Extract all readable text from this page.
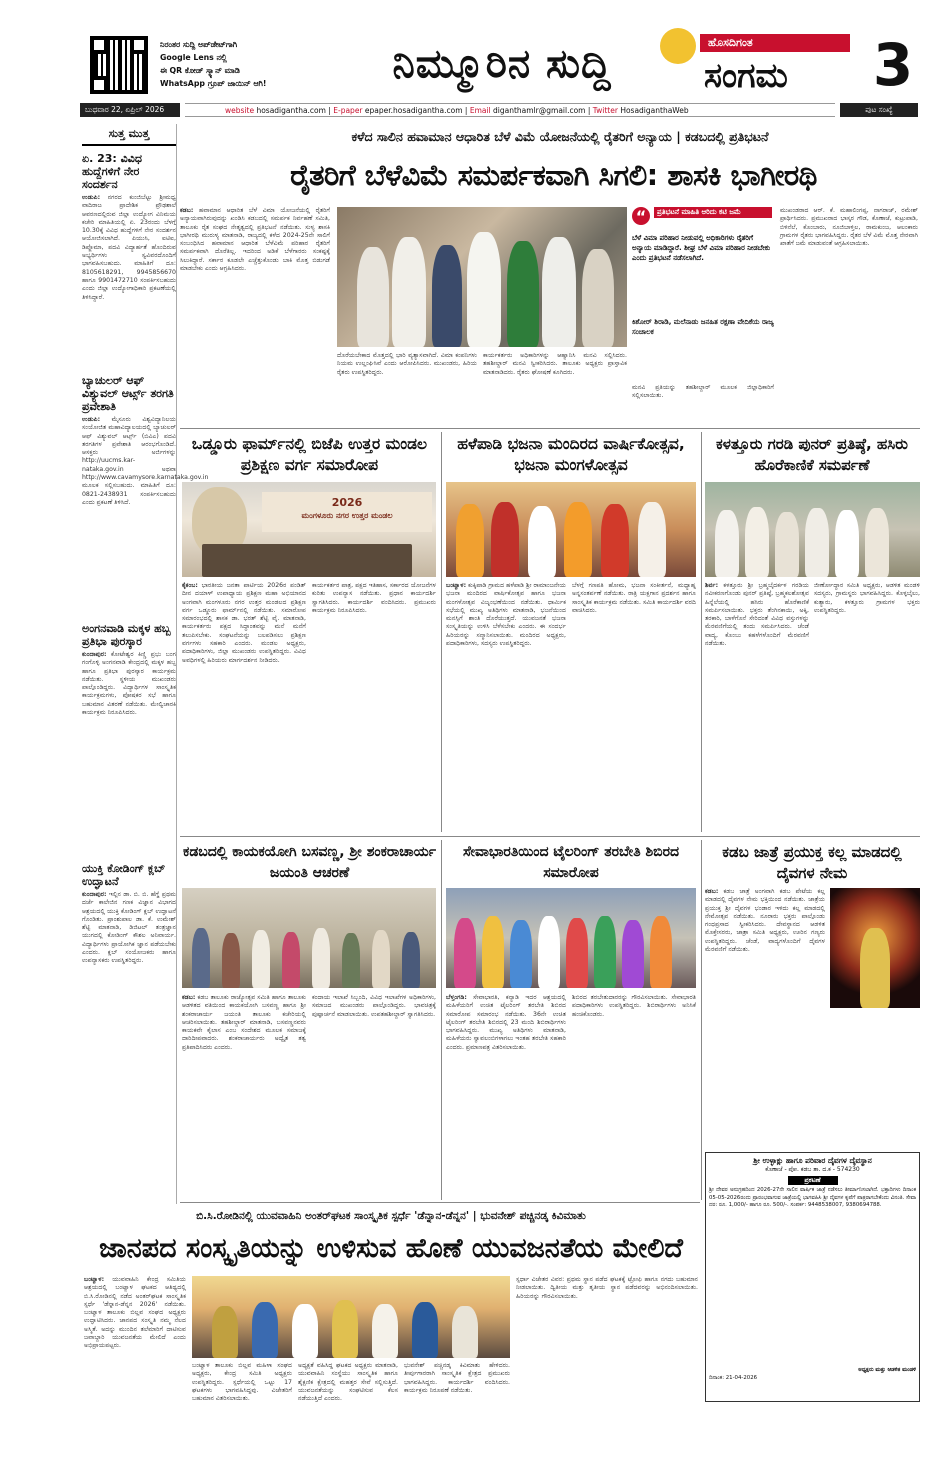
ನಿರಂತರ ಸುದ್ದಿ ಅಪ್‌ಡೇಟ್‌ಗಾಗಿ
Google Lens ನಲ್ಲಿ
ಈ QR ಕೋಡ್ ಸ್ಕ್ಯಾನ್ ಮಾಡಿ
WhatsApp ಗ್ರೂಪ್ ಜಾಯಿನ್ ಆಗಿ!	ನಿಮ್ಮೂರಿನ ಸುದ್ದಿ	ಹೊಸದಿಗಂತ
ಸಂಗಮ	3
ಬುಧವಾರ 22, ಏಪ್ರಿಲ್ 2026	website hosadigantha.com | E-paper epaper.hosadigantha.com | Email diganthamlr@gmail.com | Twitter HosadiganthaWeb	ಪುಟ ಸಂಖ್ಯೆ
ಸುತ್ತ ಮುತ್ತ
ಏ. 23: ವಿವಿಧ ಹುದ್ದೆಗಳಿಗೆ ನೇರ ಸಂದರ್ಶನ
ಉಡುಪಿ: ನಗರದ ಕುಂಜಿಬೆಟ್ಟು ಶ್ರೀಮಧ್ವ ವಾದಿರಾಜ ಪ್ರಾದೇಶಿಕ ಪ್ರೌಢಶಾಲೆ ಆವರಣದಲ್ಲಿರುವ ಜಿಲ್ಲಾ ಉದ್ಯೋಗ ವಿನಿಮಯ ಕಚೇರಿ ಮಾಹಿತಿಯಲ್ಲಿ ಏ. 23ರಂದು ಬೆಳಗ್ಗೆ 10.30ಕ್ಕೆ ವಿವಿಧ ಹುದ್ದೆಗಳಿಗೆ ನೇರ ಸಂದರ್ಶನ ಆಯೋಜಿಸಲಾಗಿದೆ. ಪಿಯುಸಿ, ಐಟಿಐ, ಡಿಪ್ಲೊಮಾ, ಪದವಿ ವಿದ್ಯಾರ್ಹತೆ ಹೊಂದಿರುವ ಅಭ್ಯರ್ಥಿಗಳು ಸ್ವವಿವರದೊಂದಿಗೆ ಭಾಗವಹಿಸಬಹುದು. ಮಾಹಿತಿಗೆ ದೂ: 8105618291, 9945856670 ಹಾಗೂ 9901472710 ಸಂಪರ್ಕಿಸಬಹುದು ಎಂದು ಜಿಲ್ಲಾ ಉದ್ಯೋಗಾಧಿಕಾರಿ ಪ್ರಕಟಣೆಯಲ್ಲಿ ತಿಳಿಸಿದ್ದಾರೆ.
ಬ್ಯಾಚುಲರ್ ಆಫ್ ವಿಶ್ಯುವಲ್ ಆರ್ಟ್ಸ್ ತರಗತಿ ಪ್ರವೇಶಾತಿ
ಉಡುಪಿ: ಮೈಸೂರು ವಿಶ್ವವಿದ್ಯಾನಿಲಯ ಸಂಯೋಜಿತ ಮಹಾವಿದ್ಯಾಲಯದಲ್ಲಿ ಬ್ಯಾಚುಲರ್ ಆಫ್ ವಿಶ್ಯುವಲ್ ಆರ್ಟ್ಸ್ (ಬಿವಿಎ) ಪದವಿ ತರಗತಿಗಳ ಪ್ರವೇಶಾತಿ ಆರಂಭಗೊಂಡಿದೆ. ಆಸಕ್ತರು ಅರ್ಜಿಗಳನ್ನು http://uucms.kar-nataka.gov.in ಅಥವಾ http://www.cavamysore.karnataka.gov.in ಮೂಲಕ ಸಲ್ಲಿಸಬಹುದು. ಮಾಹಿತಿಗೆ ದೂ: 0821-2438931 ಸಂಪರ್ಕಿಸಬಹುದು ಎಂದು ಪ್ರಕಟಣೆ ತಿಳಿಸಿದೆ.
ಅಂಗನವಾಡಿ ಮಕ್ಕಳ ಹಬ್ಬ ಪ್ರತಿಭಾ ಪುರಸ್ಕಾರ
ಕುಂದಾಪುರ: ಕೋಟೇಶ್ವರ ಕಿಣ್ಣಿ ಪ್ರಭು ಬಂಗ ಗಂಗೊಳ್ಳಿ ಅಂಗನವಾಡಿ ಕೇಂದ್ರದಲ್ಲಿ ಮಕ್ಕಳ ಹಬ್ಬ ಹಾಗೂ ಪ್ರತಿಭಾ ಪುರಸ್ಕಾರ ಕಾರ್ಯಕ್ರಮ ನಡೆಯಿತು. ಸ್ಥಳೀಯ ಮುಖಂಡರು ಪಾಲ್ಗೊಂಡಿದ್ದರು. ವಿದ್ಯಾರ್ಥಿಗಳ ಸಾಂಸ್ಕೃತಿಕ ಕಾರ್ಯಕ್ರಮಗಳು, ಪೋಷಕರ ಸಭೆ ಹಾಗೂ ಬಹುಮಾನ ವಿತರಣೆ ನಡೆಯಿತು. ಮೇಲ್ವಿಚಾರಕಿ ಕಾರ್ಯಕ್ರಮ ನಿರೂಪಿಸಿದರು.
ಯುಕ್ತಿ ಕೋಡಿಂಗ್ ಕ್ಲಬ್ ಉದ್ಘಾಟನೆ
ಕುಂದಾಪುರ: ಇಲ್ಲಿನ ಡಾ. ಬಿ. ಬಿ. ಹೆಗ್ಡೆ ಪ್ರಥಮ ದರ್ಜೆ ಕಾಲೇಜಿನ ಗಣಕ ವಿಜ್ಞಾನ ವಿಭಾಗದ ಆಶ್ರಯದಲ್ಲಿ ಯುಕ್ತಿ ಕೋಡಿಂಗ್ ಕ್ಲಬ್ ಉದ್ಘಾಟನೆ ಗೊಂಡಿತು. ಪ್ರಾಂಶುಪಾಲ ಡಾ. ಕೆ. ಉಮೇಶ್ ಶೆಟ್ಟಿ ಮಾತನಾಡಿ, ಡಿಜಿಟಲ್ ತಂತ್ರಜ್ಞಾನ ಯುಗದಲ್ಲಿ ಕೋಡಿಂಗ್ ಕೌಶಲ ಅನಿವಾರ್ಯ. ವಿದ್ಯಾರ್ಥಿಗಳು ಪ್ರಾಯೋಗಿಕ ಜ್ಞಾನ ಪಡೆಯಬೇಕು ಎಂದರು. ಕ್ಲಬ್ ಸಂಯೋಜಕರು ಹಾಗೂ ಉಪನ್ಯಾಸಕರು ಉಪಸ್ಥಿತರಿದ್ದರು.
ಕಳೆದ ಸಾಲಿನ ಹವಾಮಾನ ಆಧಾರಿತ ಬೆಳೆ ವಿಮೆ ಯೋಜನೆಯಲ್ಲಿ ರೈತರಿಗೆ ಅನ್ಯಾಯ | ಕಡಬದಲ್ಲಿ ಪ್ರತಿಭಟನೆ
ರೈತರಿಗೆ ಬೆಳೆವಿಮೆ ಸಮರ್ಪಕವಾಗಿ ಸಿಗಲಿ: ಶಾಸಕಿ ಭಾಗೀರಥಿ
ಕಡಬ: ಹವಾಮಾನ ಆಧಾರಿತ ಬೆಳೆ ವಿಮಾ ಯೋಜನೆಯಲ್ಲಿ ರೈತರಿಗೆ ಅನ್ಯಾಯವಾಗಿರುವುದನ್ನು ಖಂಡಿಸಿ ಕಡಬದಲ್ಲಿ ಸಮರ್ಪಕ ನಿರ್ವಹಣೆ ಸಮಿತಿ, ತಾಲೂಕು ರೈತ ಸಂಘದ ನೇತೃತ್ವದಲ್ಲಿ ಪ್ರತಿಭಟನೆ ನಡೆಯಿತು. ಸುಳ್ಯ ಶಾಸಕಿ ಭಾಗೀರಥಿ ಮುರುಳ್ಯ ಮಾತನಾಡಿ, ರಾಜ್ಯದಲ್ಲಿ ಕಳೆದ 2024-25ನೇ ಸಾಲಿಗೆ ಸಂಬಂಧಿಸಿದ ಹವಾಮಾನ ಆಧಾರಿತ ಬೆಳೆವಿಮೆ ಪರಿಹಾರ ರೈತರಿಗೆ ಸಮರ್ಪಕವಾಗಿ ದೊರೆತಿಲ್ಲ. ಇದರಿಂದ ಅಡಿಕೆ ಬೆಳೆಗಾರರು ಸಂಕಷ್ಟಕ್ಕೆ ಸಿಲುಕಿದ್ದಾರೆ. ಸರ್ಕಾರ ಕೂಡಲೇ ಎಚ್ಚೆತ್ತುಕೊಂಡು ಬಾಕಿ ಮೊತ್ತ ಬಿಡುಗಡೆ ಮಾಡಬೇಕು ಎಂದು ಆಗ್ರಹಿಸಿದರು.
ದೊರೆಯಬೇಕಾದ ಮೊತ್ತದಲ್ಲಿ ಭಾರಿ ವ್ಯತ್ಯಾಸವಾಗಿದೆ. ವಿಮಾ ಕಂಪನಿಗಳು ನಿಯಮ ಉಲ್ಲಂಘಿಸಿವೆ ಎಂದು ಆರೋಪಿಸಿದರು. ಮುಖಂಡರು, ಹಿರಿಯ ರೈತರು ಉಪಸ್ಥಿತರಿದ್ದರು.
ಕಾರ್ಯಕರ್ತರು ಅಧಿಕಾರಿಗಳನ್ನು ಆಹ್ವಾನಿಸಿ ಮನವಿ ಸಲ್ಲಿಸಿದರು. ತಹಶೀಲ್ದಾರ್ ಮನವಿ ಸ್ವೀಕರಿಸಿದರು. ತಾಲೂಕು ಅಧ್ಯಕ್ಷರು ಪ್ರಾಸ್ತಾವಿಕ ಮಾತನಾಡಿದರು. ರೈತರು ಘೋಷಣೆ ಕೂಗಿದರು.
“	ಪ್ರತಿಭಟನೆ ಮಾಹಿತಿ ಆರಿದು ಕಟಿ ಜಮೆ
ಬೆಳೆ ವಿಮಾ ಪರಿಹಾರ ನೀಡುವಲ್ಲಿ ಅಧಿಕಾರಿಗಳು ರೈತರಿಗೆ ಅನ್ಯಾಯ ಮಾಡಿದ್ದಾರೆ. ಶೀಘ್ರ ಬೆಳೆ ವಿಮಾ ಪರಿಹಾರ ನೀಡಬೇಕು ಎಂದು ಪ್ರತಿಭಟನೆ ನಡೆಸಲಾಗಿದೆ.
ಕಿಶೋರ್ ಶಿರಾಡಿ, ಮಲೆನಾಡು ಜನಹಿತ ರಕ್ಷಣಾ ವೇದಿಕೆಯ ರಾಜ್ಯ ಸಂಚಾಲಕ
ಮನವಿ ಪ್ರತಿಯನ್ನು ತಹಶೀಲ್ದಾರ್ ಮೂಲಕ ಜಿಲ್ಲಾಧಿಕಾರಿಗೆ ಸಲ್ಲಿಸಲಾಯಿತು.
ಮುಖಂಡರಾದ ಆರ್. ಕೆ. ಮಹಾಲಿಂಗಪ್ಪ, ನಾಗರಾಜ್, ರಮೇಶ್ ಪ್ರಾರ್ಥಿಸಿದರು. ಪ್ರಮುಖರಾದ ಭಾಸ್ಕರ ಗೌಡ, ಕೊಣಾಜೆ, ಕುಟ್ರುಪಾಡಿ, ಬಿಳಿನೆಲೆ, ಕೊಂಬಾರು, ನೂಜಿಬಾಳ್ತಿಲ, ರಾಮಕುಂಜ, ಆಲಂಕಾರು ಗ್ರಾಮಗಳ ರೈತರು ಭಾಗವಹಿಸಿದ್ದರು. ರೈತರ ಬೆಳೆ ವಿಮೆ ಮೊತ್ತ ನೇರವಾಗಿ ಖಾತೆಗೆ ಜಮೆ ಮಾಡುವಂತೆ ಆಗ್ರಹಿಸಲಾಯಿತು.
ಒಡ್ಡೂರು ಫಾರ್ಮ್‌ನಲ್ಲಿ ಬಿಜೆಪಿ ಉತ್ತರ ಮಂಡಲ ಪ್ರಶಿಕ್ಷಣ ವರ್ಗ ಸಮಾರೋಪ
2026
ಮಂಗಳೂರು ನಗರ ಉತ್ತರ ಮಂಡಲ
ಕೈಕಂಬ: ಭಾರತೀಯ ಜನತಾ ಪಾರ್ಟಿಯ 2026ರ ಪಂಡಿತ್ ದೀನ ದಯಾಳ್ ಉಪಾಧ್ಯಾಯ ಪ್ರಶಿಕ್ಷಣ ಮಹಾ ಅಭಿಯಾನದ ಅಂಗವಾಗಿ ಮಂಗಳೂರು ನಗರ ಉತ್ತರ ಮಂಡಲದ ಪ್ರಶಿಕ್ಷಣ ವರ್ಗ ಒಡ್ಡೂರು ಫಾರ್ಮ್‌ನಲ್ಲಿ ನಡೆಯಿತು. ಸಮಾರೋಪ ಸಮಾರಂಭದಲ್ಲಿ ಶಾಸಕ ಡಾ. ಭರತ್ ಶೆಟ್ಟಿ ವೈ. ಮಾತನಾಡಿ, ಕಾರ್ಯಕರ್ತರು ಪಕ್ಷದ ಸಿದ್ಧಾಂತವನ್ನು ಮನೆ ಮನೆಗೆ ತಲುಪಿಸಬೇಕು. ಸಂಘಟನೆಯನ್ನು ಬಲಪಡಿಸಲು ಪ್ರಶಿಕ್ಷಣ ವರ್ಗಗಳು ಸಹಕಾರಿ ಎಂದರು. ಮಂಡಲ ಅಧ್ಯಕ್ಷರು, ಪದಾಧಿಕಾರಿಗಳು, ಜಿಲ್ಲಾ ಮುಖಂಡರು ಉಪಸ್ಥಿತರಿದ್ದರು. ವಿವಿಧ ಅವಧಿಗಳಲ್ಲಿ ಹಿರಿಯರು ಮಾರ್ಗದರ್ಶನ ನೀಡಿದರು.
ಕಾರ್ಯಕರ್ತರ ಪಾತ್ರ, ಪಕ್ಷದ ಇತಿಹಾಸ, ಸರ್ಕಾರದ ಯೋಜನೆಗಳ ಕುರಿತು ಉಪನ್ಯಾಸ ನಡೆಯಿತು. ಪ್ರಧಾನ ಕಾರ್ಯದರ್ಶಿ ಸ್ವಾಗತಿಸಿದರು. ಕಾರ್ಯದರ್ಶಿ ವಂದಿಸಿದರು. ಪ್ರಮುಖರು ಕಾರ್ಯಕ್ರಮ ನಿರೂಪಿಸಿದರು.
ಹಳೆಪಾಡಿ ಭಜನಾ ಮಂದಿರದ ವಾರ್ಷಿಕೋತ್ಸವ, ಭಜನಾ ಮಂಗಳೋತ್ಸವ
ಬಂಟ್ವಾಳ: ಕುಕ್ಕಿಪಾಡಿ ಗ್ರಾಮದ ಹಳೆಪಾಡಿ ಶ್ರೀ ರಾಮಾಂಜನೇಯ ಭಜನಾ ಮಂದಿರದ ವಾರ್ಷಿಕೋತ್ಸವ ಹಾಗೂ ಭಜನಾ ಮಂಗಳೋತ್ಸವ ವಿಜೃಂಭಣೆಯಿಂದ ನಡೆಯಿತು. ಧಾರ್ಮಿಕ ಸಭೆಯಲ್ಲಿ ಮುಖ್ಯ ಅತಿಥಿಗಳು ಮಾತನಾಡಿ, ಭಜನೆಯಿಂದ ಮನಸ್ಸಿಗೆ ಶಾಂತಿ ದೊರೆಯುತ್ತದೆ. ಯುವಜನತೆ ಭಜನಾ ಸಂಸ್ಕೃತಿಯನ್ನು ಉಳಿಸಿ ಬೆಳೆಸಬೇಕು ಎಂದರು. ಈ ಸಂದರ್ಭ ಹಿರಿಯರನ್ನು ಸನ್ಮಾನಿಸಲಾಯಿತು. ಮಂದಿರದ ಅಧ್ಯಕ್ಷರು, ಪದಾಧಿಕಾರಿಗಳು, ಸದಸ್ಯರು ಉಪಸ್ಥಿತರಿದ್ದರು.
ಬೆಳಗ್ಗೆ ಗಣಪತಿ ಹೋಮ, ಭಜನಾ ಸಂಕೀರ್ತನೆ, ಮಧ್ಯಾಹ್ನ ಅನ್ನಸಂತರ್ಪಣೆ ನಡೆಯಿತು. ರಾತ್ರಿ ಯಕ್ಷಗಾನ ಪ್ರದರ್ಶನ ಹಾಗೂ ಸಾಂಸ್ಕೃತಿಕ ಕಾರ್ಯಕ್ರಮ ನಡೆಯಿತು. ಸಮಿತಿ ಕಾರ್ಯದರ್ಶಿ ವರದಿ ವಾಚಿಸಿದರು.
ಕಳತ್ತೂರು ಗರಡಿ ಪುನರ್ ಪ್ರತಿಷ್ಠೆ, ಹಸಿರು ಹೊರೆಕಾಣಿಕೆ ಸಮರ್ಪಣೆ
ಶಿರ್ವ: ಕಳತ್ತೂರು ಶ್ರೀ ಬ್ರಹ್ಮಬೈದರ್ಕಳ ಗರಡಿಯ ನವೀಕರಣಗೊಂಡು ಪುನರ್ ಪ್ರತಿಷ್ಠೆ, ಬ್ರಹ್ಮಕಲಶೋತ್ಸವ ಹಿನ್ನೆಲೆಯಲ್ಲಿ ಹಸಿರು ಹೊರೆಕಾಣಿಕೆ ಸಮರ್ಪಿಸಲಾಯಿತು. ಭಕ್ತರು ತೆಂಗಿನಕಾಯಿ, ಅಕ್ಕಿ, ತರಕಾರಿ, ಬಾಳೆಗೊನೆ ಸೇರಿದಂತೆ ವಿವಿಧ ವಸ್ತುಗಳನ್ನು ಮೆರವಣಿಗೆಯಲ್ಲಿ ತಂದು ಸಮರ್ಪಿಸಿದರು. ಚೆಂಡೆ ವಾದ್ಯ, ಕೊಂಬು ಕಹಳೆಗಳೊಂದಿಗೆ ಮೆರವಣಿಗೆ ನಡೆಯಿತು.
ಜೀರ್ಣೋದ್ಧಾರ ಸಮಿತಿ ಅಧ್ಯಕ್ಷರು, ಆಡಳಿತ ಮಂಡಳಿ ಸದಸ್ಯರು, ಗ್ರಾಮಸ್ಥರು ಭಾಗವಹಿಸಿದ್ದರು. ಕೊಳ್ಳಬೈಲು, ಕುತ್ಯಾರು, ಕಳತ್ತೂರು ಗ್ರಾಮಗಳ ಭಕ್ತರು ಉಪಸ್ಥಿತರಿದ್ದರು.
ಕಡಬದಲ್ಲಿ ಕಾಯಕಯೋಗಿ ಬಸವಣ್ಣ, ಶ್ರೀ ಶಂಕರಾಚಾರ್ಯ ಜಯಂತಿ ಆಚರಣೆ
ಕಡಬ: ಕಡಬ ತಾಲೂಕು ರಾಜ್ಯೋತ್ಸವ ಸಮಿತಿ ಹಾಗೂ ತಾಲೂಕು ಆಡಳಿತದ ವತಿಯಿಂದ ಕಾಯಕಯೋಗಿ ಬಸವಣ್ಣ ಹಾಗೂ ಶ್ರೀ ಶಂಕರಾಚಾರ್ಯ ಜಯಂತಿ ತಾಲೂಕು ಕಚೇರಿಯಲ್ಲಿ ಆಚರಿಸಲಾಯಿತು. ತಹಶೀಲ್ದಾರ್ ಮಾತನಾಡಿ, ಬಸವಣ್ಣನವರು ಕಾಯಕವೇ ಕೈಲಾಸ ಎಂಬ ಸಂದೇಶದ ಮೂಲಕ ಸಮಾಜಕ್ಕೆ ದಾರಿದೀಪವಾದರು. ಶಂಕರಾಚಾರ್ಯರು ಅದ್ವೈತ ತತ್ವ ಪ್ರತಿಪಾದಿಸಿದರು ಎಂದರು.
ಕಂದಾಯ ಇಲಾಖೆ ಸಿಬ್ಬಂದಿ, ವಿವಿಧ ಇಲಾಖೆಗಳ ಅಧಿಕಾರಿಗಳು, ಸಮಾಜದ ಮುಖಂಡರು ಪಾಲ್ಗೊಂಡಿದ್ದರು. ಭಾವಚಿತ್ರಕ್ಕೆ ಪುಷ್ಪಾರ್ಚನೆ ಮಾಡಲಾಯಿತು. ಉಪತಹಶೀಲ್ದಾರ್ ಸ್ವಾಗತಿಸಿದರು.
ಸೇವಾಭಾರತಿಯಿಂದ ಟೈಲರಿಂಗ್ ತರಬೇತಿ ಶಿಬಿರದ ಸಮಾರೋಪ
ಬೆಳ್ತಂಗಡಿ: ಸೇವಾಭಾರತಿ, ಕನ್ಯಾಡಿ ಇದರ ಆಶ್ರಯದಲ್ಲಿ ಮಹಿಳೆಯರಿಗೆ ಉಚಿತ ಟೈಲರಿಂಗ್ ತರಬೇತಿ ಶಿಬಿರದ ಸಮಾರೋಪ ಸಮಾರಂಭ ನಡೆಯಿತು. 36ನೇ ಉಚಿತ ಟೈಲರಿಂಗ್ ತರಬೇತಿ ಶಿಬಿರದಲ್ಲಿ 23 ಮಂದಿ ಶಿಬಿರಾರ್ಥಿಗಳು ಭಾಗವಹಿಸಿದ್ದರು. ಮುಖ್ಯ ಅತಿಥಿಗಳು ಮಾತನಾಡಿ, ಮಹಿಳೆಯರು ಸ್ವಾವಲಂಬಿಗಳಾಗಲು ಇಂತಹ ತರಬೇತಿ ಸಹಕಾರಿ ಎಂದರು. ಪ್ರಮಾಣಪತ್ರ ವಿತರಿಸಲಾಯಿತು.
ಶಿಬಿರದ ತರಬೇತುದಾರರನ್ನು ಗೌರವಿಸಲಾಯಿತು. ಸೇವಾಭಾರತಿ ಪದಾಧಿಕಾರಿಗಳು ಉಪಸ್ಥಿತರಿದ್ದರು. ಶಿಬಿರಾರ್ಥಿಗಳು ಅನಿಸಿಕೆ ಹಂಚಿಕೊಂಡರು.
ಕಡಬ ಜಾತ್ರೆ ಪ್ರಯುಕ್ತ ಕಲ್ಲ ಮಾಡದಲ್ಲಿ ದೈವಗಳ ನೇಮ
ಕಡಬ: ಕಡಬ ಜಾತ್ರೆ ಅಂಗವಾಗಿ ಕಡಬ ಪೇಟೆಯ ಕಲ್ಲ ಮಾಡದಲ್ಲಿ ದೈವಗಳ ನೇಮ ಭಕ್ತಿಯಿಂದ ನಡೆಯಿತು. ಜಾತ್ರೆಯ ಪ್ರಯುಕ್ತ ಶ್ರೀ ದೈವಗಳ ಭಂಡಾರ ಇಳಿದು ಕಲ್ಲ ಮಾಡದಲ್ಲಿ ನೇಮೋತ್ಸವ ನಡೆಯಿತು. ನೂರಾರು ಭಕ್ತರು ಪಾಲ್ಗೊಂಡು ಗಂಧಪ್ರಸಾದ ಸ್ವೀಕರಿಸಿದರು. ದೇವಸ್ಥಾನದ ಆಡಳಿತ ಮೊಕ್ತೇಸರರು, ಜಾತ್ರಾ ಸಮಿತಿ ಅಧ್ಯಕ್ಷರು, ಊರಿನ ಗಣ್ಯರು ಉಪಸ್ಥಿತರಿದ್ದರು. ಚೆಂಡೆ, ವಾದ್ಯಗಳೊಂದಿಗೆ ದೈವಗಳ ಮೆರವಣಿಗೆ ನಡೆಯಿತು.
ಶ್ರೀ ಉಳ್ಳಾಕ್ಲು ಹಾಗೂ ಪರಿವಾರ ದೈವಗಳ ದೈವಸ್ಥಾನ
ಕೊಣಾಜೆ - ಪೋ. ಕಡಬ ತಾ. ದ.ಕ - 574230
ಪ್ರಕಟಣೆ
ಶ್ರೀ ದೇವರ ಅನುಗ್ರಹದಿಂದ 2026-27ನೇ ಸಾಲಿನ ವಾರ್ಷಿಕ ಜಾತ್ರೆ ನಡೆಸಲು ತೀರ್ಮಾನಿಸಲಾಗಿದೆ. ಭಕ್ತಾದಿಗಳು ದಿನಾಂಕ 05-05-2026ರಂದು ಪ್ರಾರಂಭವಾಗುವ ಜಾತ್ರೆಯಲ್ಲಿ ಭಾಗವಹಿಸಿ ಶ್ರೀ ದೈವಗಳ ಕೃಪೆಗೆ ಪಾತ್ರರಾಗಬೇಕೆಂದು ವಿನಂತಿ. ಸೇವಾ ದರ: ರೂ. 1,000/- ಹಾಗೂ ರೂ. 500/-. ಸಂಪರ್ಕ: 9448538007, 9380694788.
ಅಧ್ಯಕ್ಷರು ಮತ್ತು ಆಡಳಿತ ಮಂಡಳಿ
ದಿನಾಂಕ: 21-04-2026
ಬಿ.ಸಿ.ರೋಡಿನಲ್ಲಿ ಯುವವಾಹಿನಿ ಅಂತರ್‌ಘಟಕ ಸಾಂಸ್ಕೃತಿಕ ಸ್ಪರ್ಧೆ 'ಡೆನ್ನಾನ-ಡೆನ್ನನ' | ಭುವನೇಶ್ ಪಚ್ಚಿನಡ್ಕ ಕಿವಿಮಾತು
ಜಾನಪದ ಸಂಸ್ಕೃತಿಯನ್ನು ಉಳಿಸುವ ಹೊಣೆ ಯುವಜನತೆಯ ಮೇಲಿದೆ
ಬಂಟ್ವಾಳ: ಯುವವಾಹಿನಿ ಕೇಂದ್ರ ಸಮಿತಿಯ ಆಶ್ರಯದಲ್ಲಿ ಬಂಟ್ವಾಳ ಘಟಕದ ಆತಿಥ್ಯದಲ್ಲಿ ಬಿ.ಸಿ.ರೋಡಿನಲ್ಲಿ ನಡೆದ ಅಂತರ್‌ಘಟಕ ಸಾಂಸ್ಕೃತಿಕ ಸ್ಪರ್ಧೆ 'ಡೆನ್ನಾನ-ಡೆನ್ನನ 2026' ನಡೆಯಿತು. ಬಂಟ್ವಾಳ ತಾಲೂಕು ಬಿಲ್ಲವ ಸಂಘದ ಅಧ್ಯಕ್ಷರು ಉದ್ಘಾಟಿಸಿದರು. ಜಾನಪದ ಸಂಸ್ಕೃತಿ ನಮ್ಮ ನೆಲದ ಅಸ್ಮಿತೆ. ಅದನ್ನು ಮುಂದಿನ ತಲೆಮಾರಿಗೆ ದಾಟಿಸುವ ಜವಾಬ್ದಾರಿ ಯುವಜನತೆಯ ಮೇಲಿದೆ ಎಂದು ಅಭಿಪ್ರಾಯಪಟ್ಟರು.
ಬಂಟ್ವಾಳ ತಾಲೂಕು ಬಿಲ್ಲವ ಮಹಿಳಾ ಸಂಘದ ಅಧ್ಯಕ್ಷರು, ಕೇಂದ್ರ ಸಮಿತಿ ಅಧ್ಯಕ್ಷರು ಉಪಸ್ಥಿತರಿದ್ದರು. ಸ್ಪರ್ಧೆಯಲ್ಲಿ ಒಟ್ಟು 17 ಘಟಕಗಳು ಭಾಗವಹಿಸಿದ್ದವು. ವಿಜೇತರಿಗೆ ಬಹುಮಾನ ವಿತರಿಸಲಾಯಿತು.
ಅಧ್ಯಕ್ಷತೆ ವಹಿಸಿದ್ದ ಘಟಕದ ಅಧ್ಯಕ್ಷರು ಮಾತನಾಡಿ, ಯುವವಾಹಿನಿ ಸಂಸ್ಥೆಯು ಸಾಂಸ್ಕೃತಿಕ ಹಾಗೂ ಶೈಕ್ಷಣಿಕ ಕ್ಷೇತ್ರದಲ್ಲಿ ಮಹತ್ತರ ಸೇವೆ ಸಲ್ಲಿಸುತ್ತಿದೆ. ಯುವಜನತೆಯನ್ನು ಸಂಘಟಿಸುವ ಕೆಲಸ ನಡೆಯುತ್ತಿದೆ ಎಂದರು.
ಭುವನೇಶ್ ಪಚ್ಚಿನಡ್ಕ ಕಿವಿಮಾತು ಹೇಳಿದರು. ತೀರ್ಪುಗಾರರಾಗಿ ಸಾಂಸ್ಕೃತಿಕ ಕ್ಷೇತ್ರದ ಪ್ರಮುಖರು ಭಾಗವಹಿಸಿದ್ದರು. ಕಾರ್ಯದರ್ಶಿ ವಂದಿಸಿದರು. ಕಾರ್ಯಕ್ರಮ ನಿರೂಪಣೆ ನಡೆಯಿತು.
ಸ್ಪರ್ಧಾ ವಿಜೇತರ ವಿವರ: ಪ್ರಥಮ ಸ್ಥಾನ ಪಡೆದ ಘಟಕಕ್ಕೆ ಟ್ರೋಫಿ ಹಾಗೂ ನಗದು ಬಹುಮಾನ ನೀಡಲಾಯಿತು. ದ್ವಿತೀಯ ಮತ್ತು ತೃತೀಯ ಸ್ಥಾನ ಪಡೆದವರನ್ನು ಅಭಿನಂದಿಸಲಾಯಿತು. ಹಿರಿಯರನ್ನು ಗೌರವಿಸಲಾಯಿತು.
